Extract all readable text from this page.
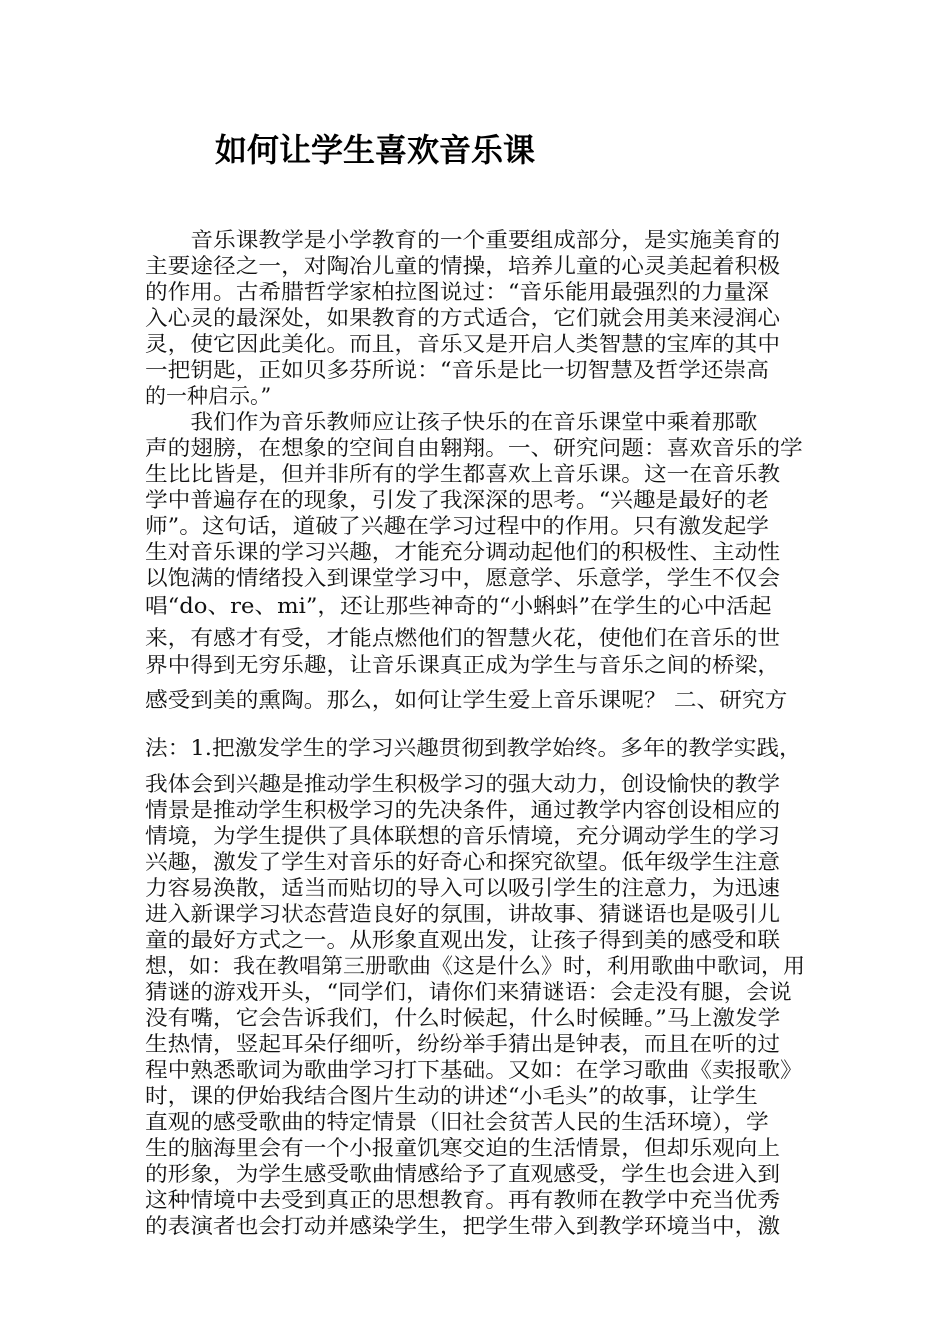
如何让学生喜欢音乐课
　　音乐课教学是小学教育的一个重要组成部分，是实施美育的
主要途径之一，对陶冶儿童的情操，培养儿童的心灵美起着积极
的作用。古希腊哲学家柏拉图说过：“音乐能用最强烈的力量深
入心灵的最深处，如果教育的方式适合，它们就会用美来浸润心
灵，使它因此美化。而且，音乐又是开启人类智慧的宝库的其中
一把钥匙，正如贝多芬所说：“音乐是比一切智慧及哲学还崇高
的一种启示。”
　　我们作为音乐教师应让孩子快乐的在音乐课堂中乘着那歌
声的翅膀，在想象的空间自由翱翔。一、研究问题：喜欢音乐的学
生比比皆是，但并非所有的学生都喜欢上音乐课。这一在音乐教
学中普遍存在的现象，引发了我深深的思考。“兴趣是最好的老
师”。这句话，道破了兴趣在学习过程中的作用。只有激发起学
生对音乐课的学习兴趣，才能充分调动起他们的积极性、主动性
以饱满的情绪投入到课堂学习中，愿意学、乐意学，学生不仅会
唱“do、re、mi”，还让那些神奇的“小蝌蚪”在学生的心中活起
来，有感才有受，才能点燃他们的智慧火花，使他们在音乐的世
界中得到无穷乐趣，让音乐课真正成为学生与音乐之间的桥梁，
感受到美的熏陶。那么，如何让学生爱上音乐课呢？ 二、研究方
法：1.把激发学生的学习兴趣贯彻到教学始终。多年的教学实践，
我体会到兴趣是推动学生积极学习的强大动力，创设愉快的教学
情景是推动学生积极学习的先决条件，通过教学内容创设相应的
情境，为学生提供了具体联想的音乐情境，充分调动学生的学习
兴趣，激发了学生对音乐的好奇心和探究欲望。低年级学生注意
力容易涣散，适当而贴切的导入可以吸引学生的注意力，为迅速
进入新课学习状态营造良好的氛围，讲故事、猜谜语也是吸引儿
童的最好方式之一。从形象直观出发，让孩子得到美的感受和联
想，如：我在教唱第三册歌曲《这是什么》时，利用歌曲中歌词，用
猜谜的游戏开头，“同学们，请你们来猜谜语：会走没有腿，会说
没有嘴，它会告诉我们，什么时候起，什么时候睡。”马上激发学
生热情，竖起耳朵仔细听，纷纷举手猜出是钟表，而且在听的过
程中熟悉歌词为歌曲学习打下基础。又如：在学习歌曲《卖报歌》
时，课的伊始我结合图片生动的讲述“小毛头”的故事，让学生
直观的感受歌曲的特定情景（旧社会贫苦人民的生活环境），学
生的脑海里会有一个小报童饥寒交迫的生活情景，但却乐观向上
的形象，为学生感受歌曲情感给予了直观感受，学生也会进入到
这种情境中去受到真正的思想教育。再有教师在教学中充当优秀
的表演者也会打动并感染学生，把学生带入到教学环境当中，激
